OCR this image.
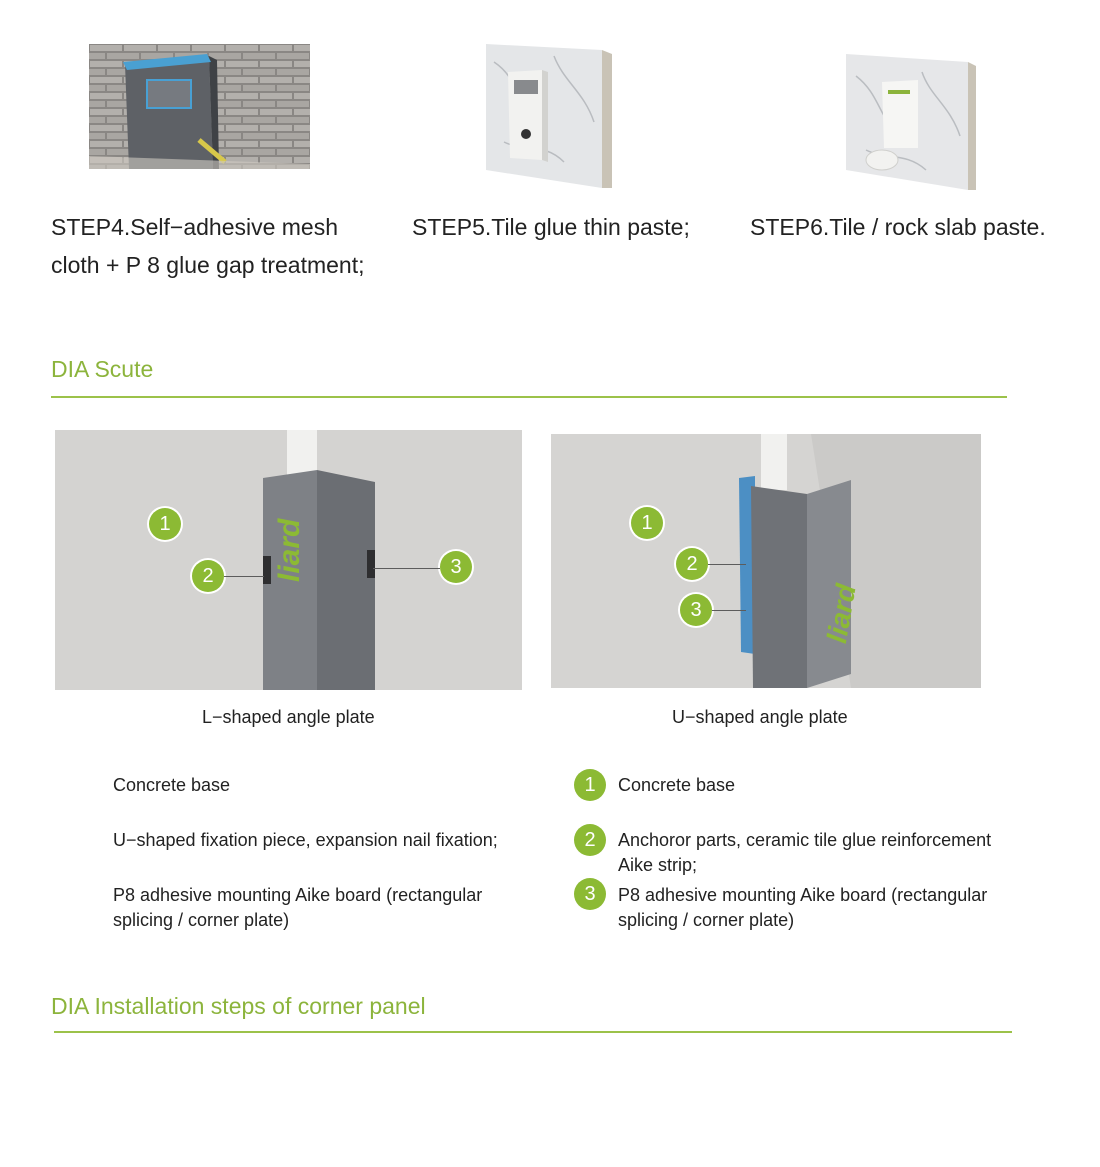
STEP4.Self−adhesive mesh
cloth + P 8 glue gap treatment;
STEP5.Tile glue thin paste;	STEP6.Tile / rock slab paste.
DIA Scute
liard
1
2	3
L−shaped angle plate
liard
1
2
3
U−shaped angle plate
Concrete base
U−shaped fixation piece, expansion nail fixation;
P8 adhesive mounting Aike board (rectangular
splicing / corner plate)
1	Concrete base
2	Anchoror parts, ceramic tile glue reinforcement
Aike strip;
3	P8 adhesive mounting Aike board (rectangular
splicing / corner plate)
DIA Installation steps of corner panel
